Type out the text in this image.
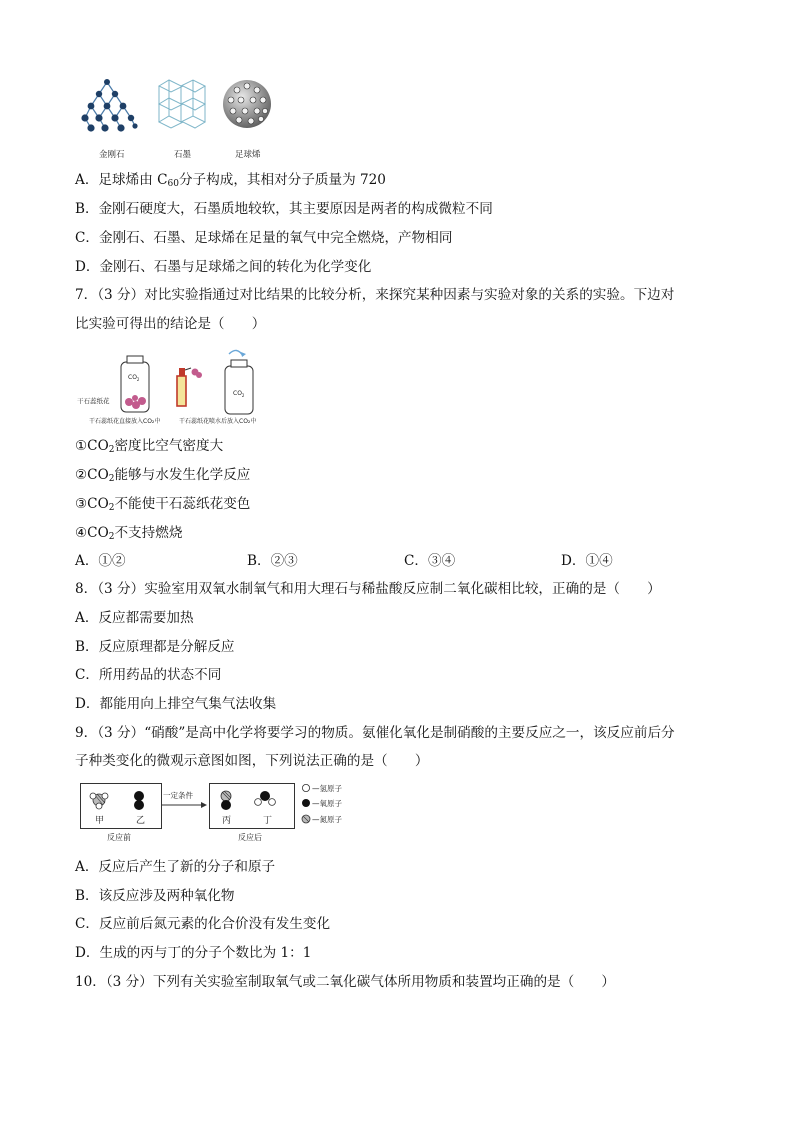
金刚石	石墨	足球烯
A．足球烯由 $C_{60}$分子构成，其相对分子质量为 720
B．金刚石硬度大，石墨质地较软，其主要原因是两者的构成微粒不同
C．金刚石、石墨、足球烯在足量的氧气中完全燃烧，产物相同
D．金刚石、石墨与足球烯之间的转化为化学变化
7．（3 分）对比实验指通过对比结果的比较分析，来探究某种因素与实验对象的关系的实验。下边对
比实验可得出的结论是（　　）
$CO_2$
干石蕊纸花
$CO_2$
干石蕊纸花直接放入CO₂中	干石蕊纸花喷水后放入CO₂中
$①CO_2$密度比空气密度大
$②CO_2$能够与水发生化学反应
$③CO_2$不能使干石蕊纸花变色
$④CO_2$不支持燃烧
A．①②	B．②③	C．③④	D．①④
8．（3 分）实验室用双氧水制氧气和用大理石与稀盐酸反应制二氧化碳相比较，正确的是（　　）
A．反应都需要加热
B．反应原理都是分解反应
C．所用药品的状态不同
D．都能用向上排空气集气法收集
9．（3 分）“硝酸”是高中化学将要学习的物质。氨催化氧化是制硝酸的主要反应之一，该反应前后分
子种类变化的微观示意图如图，下列说法正确的是（　　）
甲	乙
反应前
一定条件
丙	丁
反应后
—氢原子
—氧原子
—氮原子
A．反应后产生了新的分子和原子
B．该反应涉及两种氧化物
C．反应前后氮元素的化合价没有发生变化
D．生成的丙与丁的分子个数比为 1：1
10．（3 分）下列有关实验室制取氧气或二氧化碳气体所用物质和装置均正确的是（　　）
